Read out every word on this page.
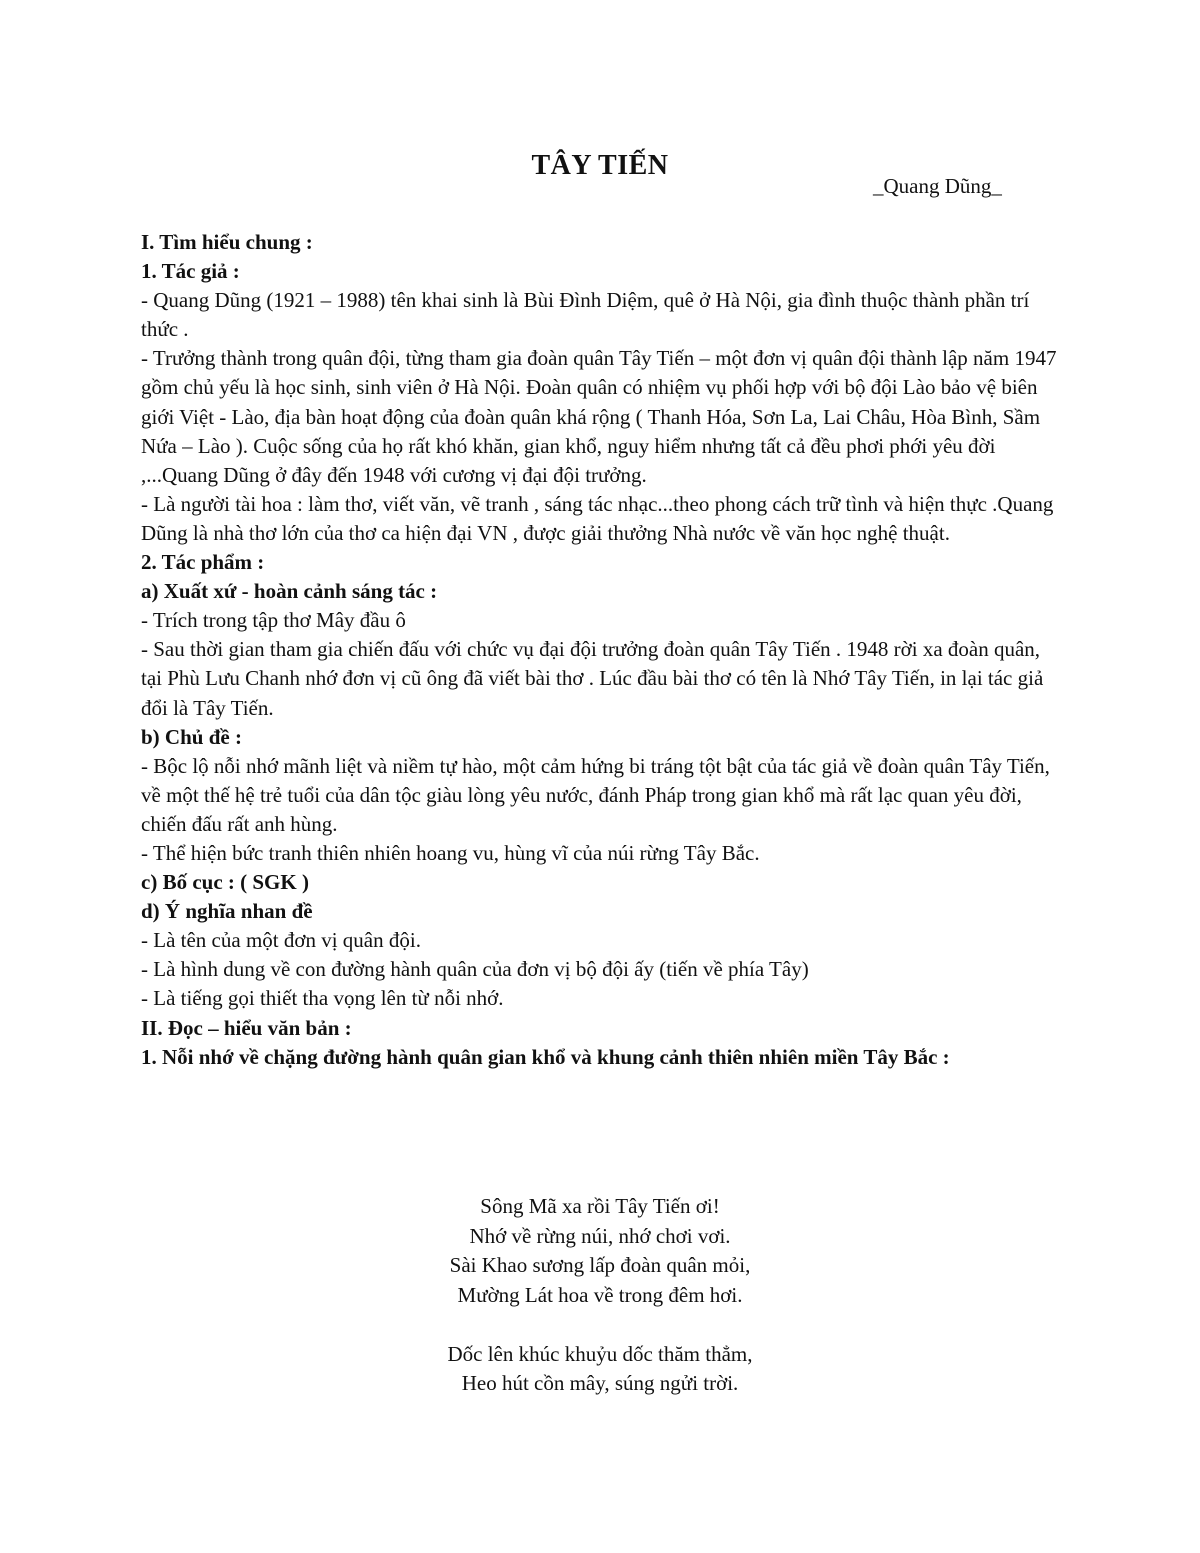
TÂY TIẾN
_Quang Dũng_

I. Tìm hiểu chung :

1. Tác giả :

- Quang Dũng (1921 – 1988) tên khai sinh là Bùi Đình Diệm, quê ở Hà Nội, gia đình thuộc thành phần trí thức .

- Trưởng thành trong quân đội, từng tham gia đoàn quân Tây Tiến – một đơn vị quân đội thành lập năm 1947 gồm chủ yếu là học sinh, sinh viên ở Hà Nội. Đoàn quân có nhiệm vụ phối hợp với bộ đội Lào bảo vệ biên giới Việt - Lào, địa bàn hoạt động của đoàn quân khá rộng ( Thanh Hóa, Sơn La, Lai Châu, Hòa Bình, Sầm Nứa – Lào ). Cuộc sống của họ rất khó khăn, gian khổ, nguy hiểm nhưng tất cả đều phơi phới yêu đời ,...Quang Dũng ở đây đến 1948 với cương vị đại đội trưởng.

- Là người tài hoa : làm thơ, viết văn, vẽ tranh , sáng tác nhạc...theo phong cách trữ tình và hiện thực .Quang Dũng là nhà thơ lớn của thơ ca hiện đại VN , được giải thưởng Nhà nước về văn học nghệ thuật.

2. Tác phẩm :

a) Xuất xứ - hoàn cảnh sáng tác :

- Trích trong tập thơ Mây đầu ô

- Sau thời gian tham gia chiến đấu với chức vụ đại đội trưởng đoàn quân Tây Tiến . 1948 rời xa đoàn quân, tại Phù Lưu Chanh nhớ đơn vị cũ ông đã viết bài thơ . Lúc đầu bài thơ có tên là Nhớ Tây Tiến, in lại tác giả đổi là Tây Tiến.

b) Chủ đề :

- Bộc lộ nỗi nhớ mãnh liệt và niềm tự hào, một cảm hứng bi tráng tột bật của tác giả về đoàn quân Tây Tiến, về một thế hệ trẻ tuổi của dân tộc giàu lòng yêu nước, đánh Pháp trong gian khổ mà rất lạc quan yêu đời, chiến đấu rất anh hùng.

- Thể hiện bức tranh thiên nhiên hoang vu, hùng vĩ của núi rừng Tây Bắc.

c) Bố cục : ( SGK )

d) Ý nghĩa nhan đề

- Là tên của một đơn vị quân đội.

- Là hình dung về con đường hành quân của đơn vị bộ đội ấy (tiến về phía Tây)

- Là tiếng gọi thiết tha vọng lên từ nỗi nhớ.

II. Đọc – hiểu văn bản :

1. Nỗi nhớ về chặng đường hành quân gian khổ và khung cảnh thiên nhiên miền Tây Bắc :

Sông Mã xa rồi Tây Tiến ơi!

Nhớ về rừng núi, nhớ chơi vơi.

Sài Khao sương lấp đoàn quân mỏi,

Mường Lát hoa về trong đêm hơi.

Dốc lên khúc khuỷu dốc thăm thẳm,

Heo hút cồn mây, súng ngửi trời.
